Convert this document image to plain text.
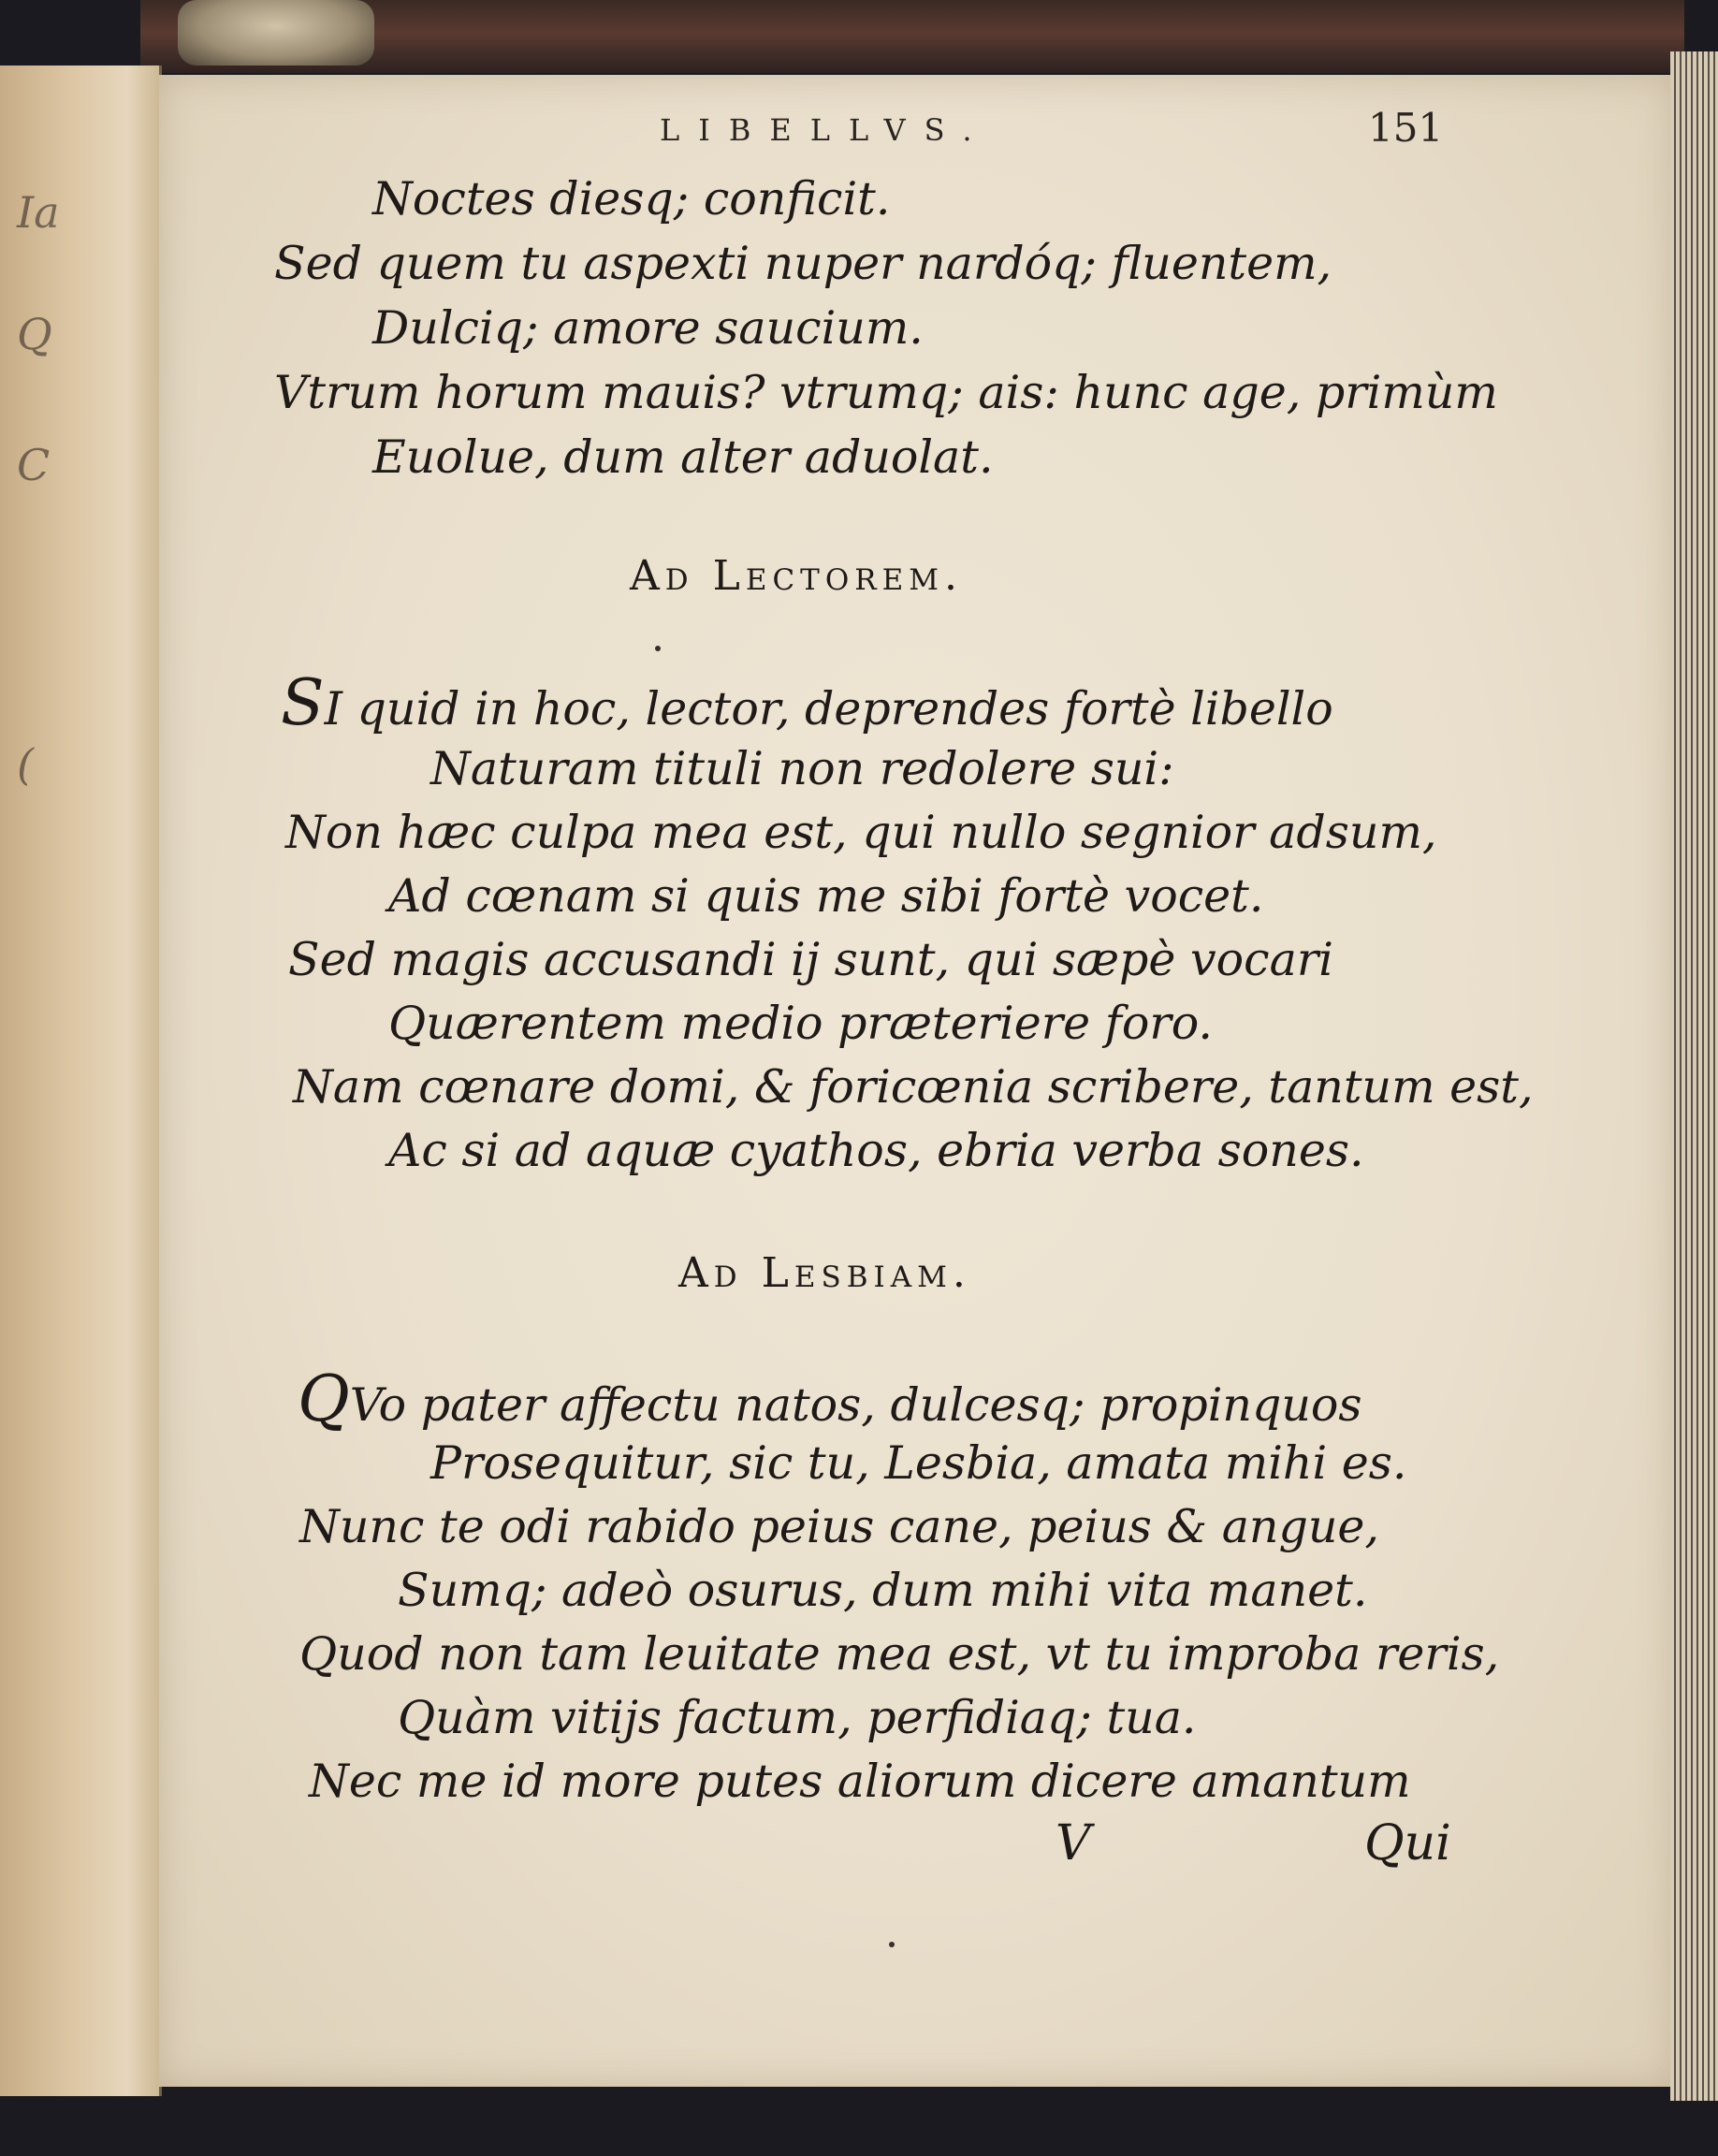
Ia
Q
C
(
LIBELLVS.	151

Noctes diesq; conficit.

Sed quem tu aspexti nuper nardóq; fluentem,

Dulciq; amore saucium.

Vtrum horum mauis? vtrumq; ais: hunc age, primùm

Euolue, dum alter aduolat.

Ad Lectorem.

SI quid in hoc, lector, deprendes fortè libello

Naturam tituli non redolere sui:

Non hæc culpa mea est, qui nullo segnior adsum,

Ad cœnam si quis me sibi fortè vocet.

Sed magis accusandi ij sunt, qui sæpè vocari

Quærentem medio præteriere foro.

Nam cœnare domi, & foricœnia scribere, tantum est,

Ac si ad aquæ cyathos, ebria verba sones.

Ad Lesbiam.

QVo pater affectu natos, dulcesq; propinquos

Prosequitur, sic tu, Lesbia, amata mihi es.

Nunc te odi rabido peius cane, peius & angue,

Sumq; adeò osurus, dum mihi vita manet.

Quod non tam leuitate mea est, vt tu improba reris,

Quàm vitijs factum, perfidiaq; tua.

Nec me id more putes aliorum dicere amantum

V	Qui
